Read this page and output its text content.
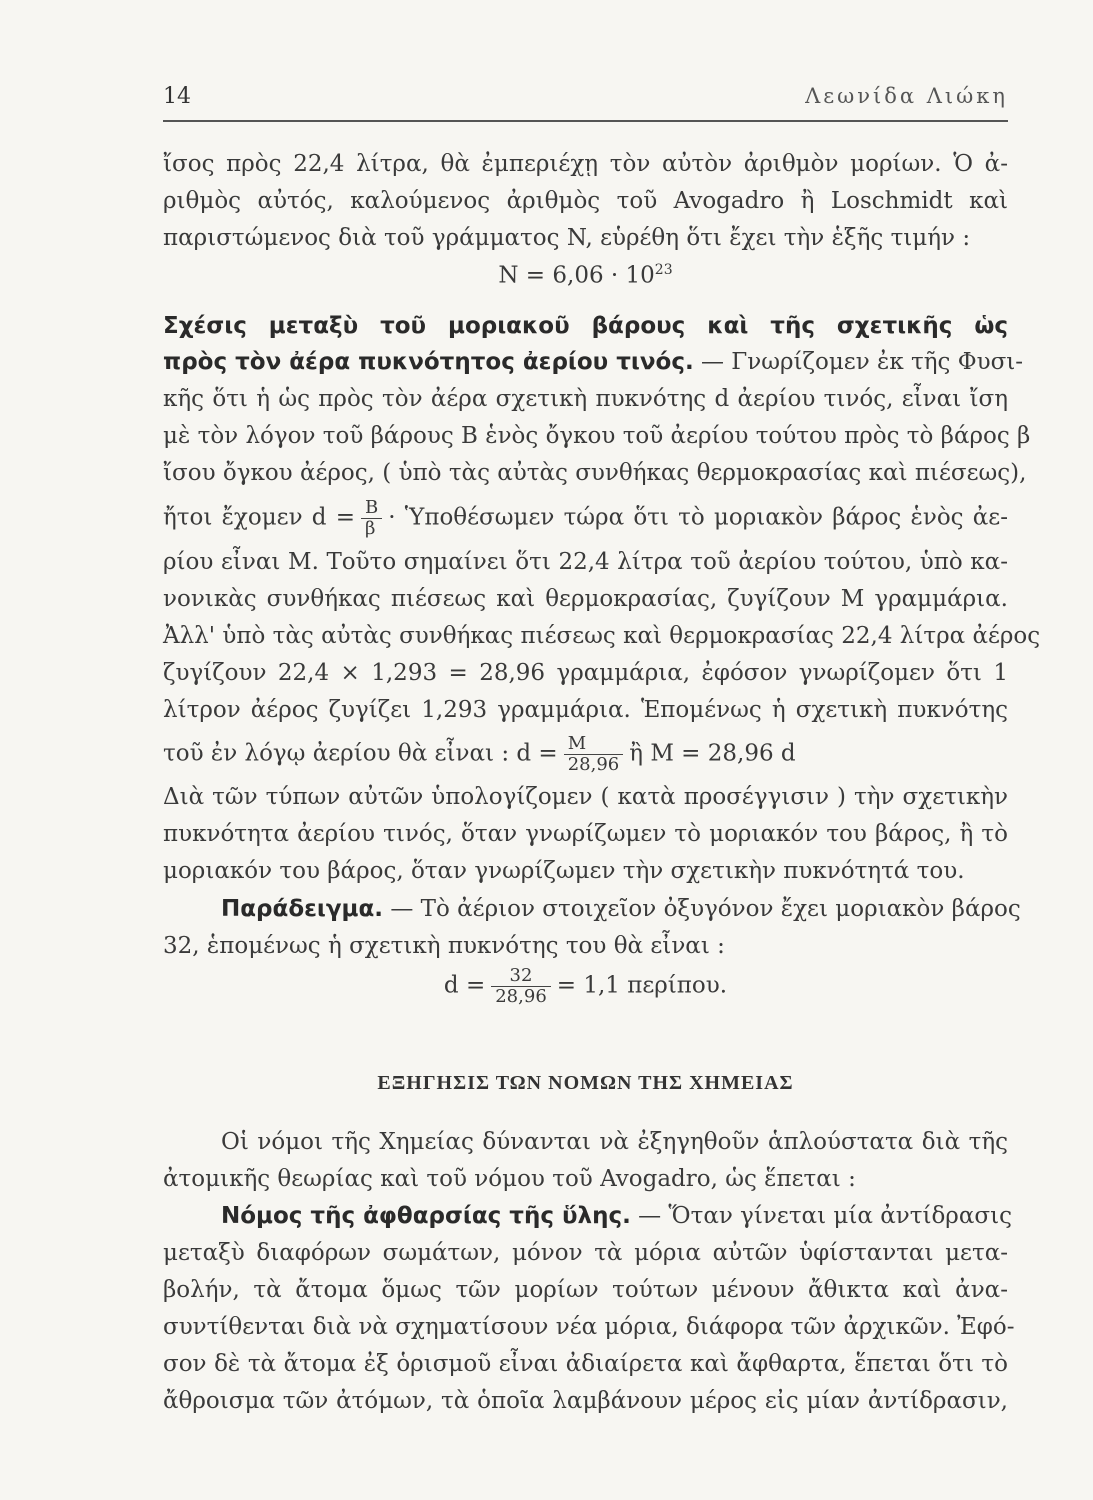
14	Λεωνίδα Λιώκη
ἴσος πρὸς 22,4 λίτρα, θὰ ἐμπεριέχῃ τὸν αὐτὸν ἀριθμὸν μορίων. Ὁ ἀ-
ριθμὸς αὐτός, καλούμενος ἀριθμὸς τοῦ Avogadro ἢ Loschmidt καὶ
παριστώμενος διὰ τοῦ γράμματος N, εὑρέθη ὅτι ἔχει τὴν ἑξῆς τιμήν :
$N = 6,06 \cdot 10^{23}$
Σχέσις μεταξὺ τοῦ μοριακοῦ βάρους καὶ τῆς σχετικῆς ὡς
πρὸς τὸν ἀέρα πυκνότητος ἀερίου τινός. — Γνωρίζομεν ἐκ τῆς Φυσι-
κῆς ὅτι ἡ ὡς πρὸς τὸν ἀέρα σχετικὴ πυκνότης d ἀερίου τινός, εἶναι ἴση
μὲ τὸν λόγον τοῦ βάρους B ἑνὸς ὄγκου τοῦ ἀερίου τούτου πρὸς τὸ βάρος β
ἴσου ὄγκου ἀέρος, ( ὑπὸ τὰς αὐτὰς συνθήκας θερμοκρασίας καὶ πιέσεως),
ἤτοι ἔχομεν $d = \frac{B}{\beta}$ · Ὑποθέσωμεν τώρα ὅτι τὸ μοριακὸν βάρος ἑνὸς ἀε-
ρίου εἶναι M. Τοῦτο σημαίνει ὅτι 22,4 λίτρα τοῦ ἀερίου τούτου, ὑπὸ κα-
νονικὰς συνθήκας πιέσεως καὶ θερμοκρασίας, ζυγίζουν M γραμμάρια.
Ἀλλ' ὑπὸ τὰς αὐτὰς συνθήκας πιέσεως καὶ θερμοκρασίας 22,4 λίτρα ἀέρος
ζυγίζουν 22,4 × 1,293 = 28,96 γραμμάρια, ἐφόσον γνωρίζομεν ὅτι 1
λίτρον ἀέρος ζυγίζει 1,293 γραμμάρια. Ἑπομένως ἡ σχετικὴ πυκνότης
τοῦ ἐν λόγῳ ἀερίου θὰ εἶναι : $d = \frac{M}{28,96}$ ἢ M = 28,96 d
Διὰ τῶν τύπων αὐτῶν ὑπολογίζομεν ( κατὰ προσέγγισιν ) τὴν σχετικὴν
πυκνότητα ἀερίου τινός, ὅταν γνωρίζωμεν τὸ μοριακόν του βάρος, ἢ τὸ
μοριακόν του βάρος, ὅταν γνωρίζωμεν τὴν σχετικὴν πυκνότητά του.
Παράδειγμα. — Τὸ ἀέριον στοιχεῖον ὀξυγόνον ἔχει μοριακὸν βάρος
32, ἑπομένως ἡ σχετικὴ πυκνότης του θὰ εἶναι :
$d = \frac{32}{28,96} = 1,1$ περίπου.
ΕΞΗΓΗΣΙΣ ΤΩΝ ΝΟΜΩΝ ΤΗΣ ΧΗΜΕΙΑΣ
Οἱ νόμοι τῆς Χημείας δύνανται νὰ ἐξηγηθοῦν ἁπλούστατα διὰ τῆς
ἀτομικῆς θεωρίας καὶ τοῦ νόμου τοῦ Avogadro, ὡς ἕπεται :
Νόμος τῆς ἀφθαρσίας τῆς ὕλης. — Ὅταν γίνεται μία ἀντίδρασις
μεταξὺ διαφόρων σωμάτων, μόνον τὰ μόρια αὐτῶν ὑφίστανται μετα-
βολήν, τὰ ἄτομα ὅμως τῶν μορίων τούτων μένουν ἄθικτα καὶ ἀνα-
συντίθενται διὰ νὰ σχηματίσουν νέα μόρια, διάφορα τῶν ἀρχικῶν. Ἐφό-
σον δὲ τὰ ἄτομα ἐξ ὁρισμοῦ εἶναι ἀδιαίρετα καὶ ἄφθαρτα, ἕπεται ὅτι τὸ
ἄθροισμα τῶν ἀτόμων, τὰ ὁποῖα λαμβάνουν μέρος εἰς μίαν ἀντίδρασιν,
